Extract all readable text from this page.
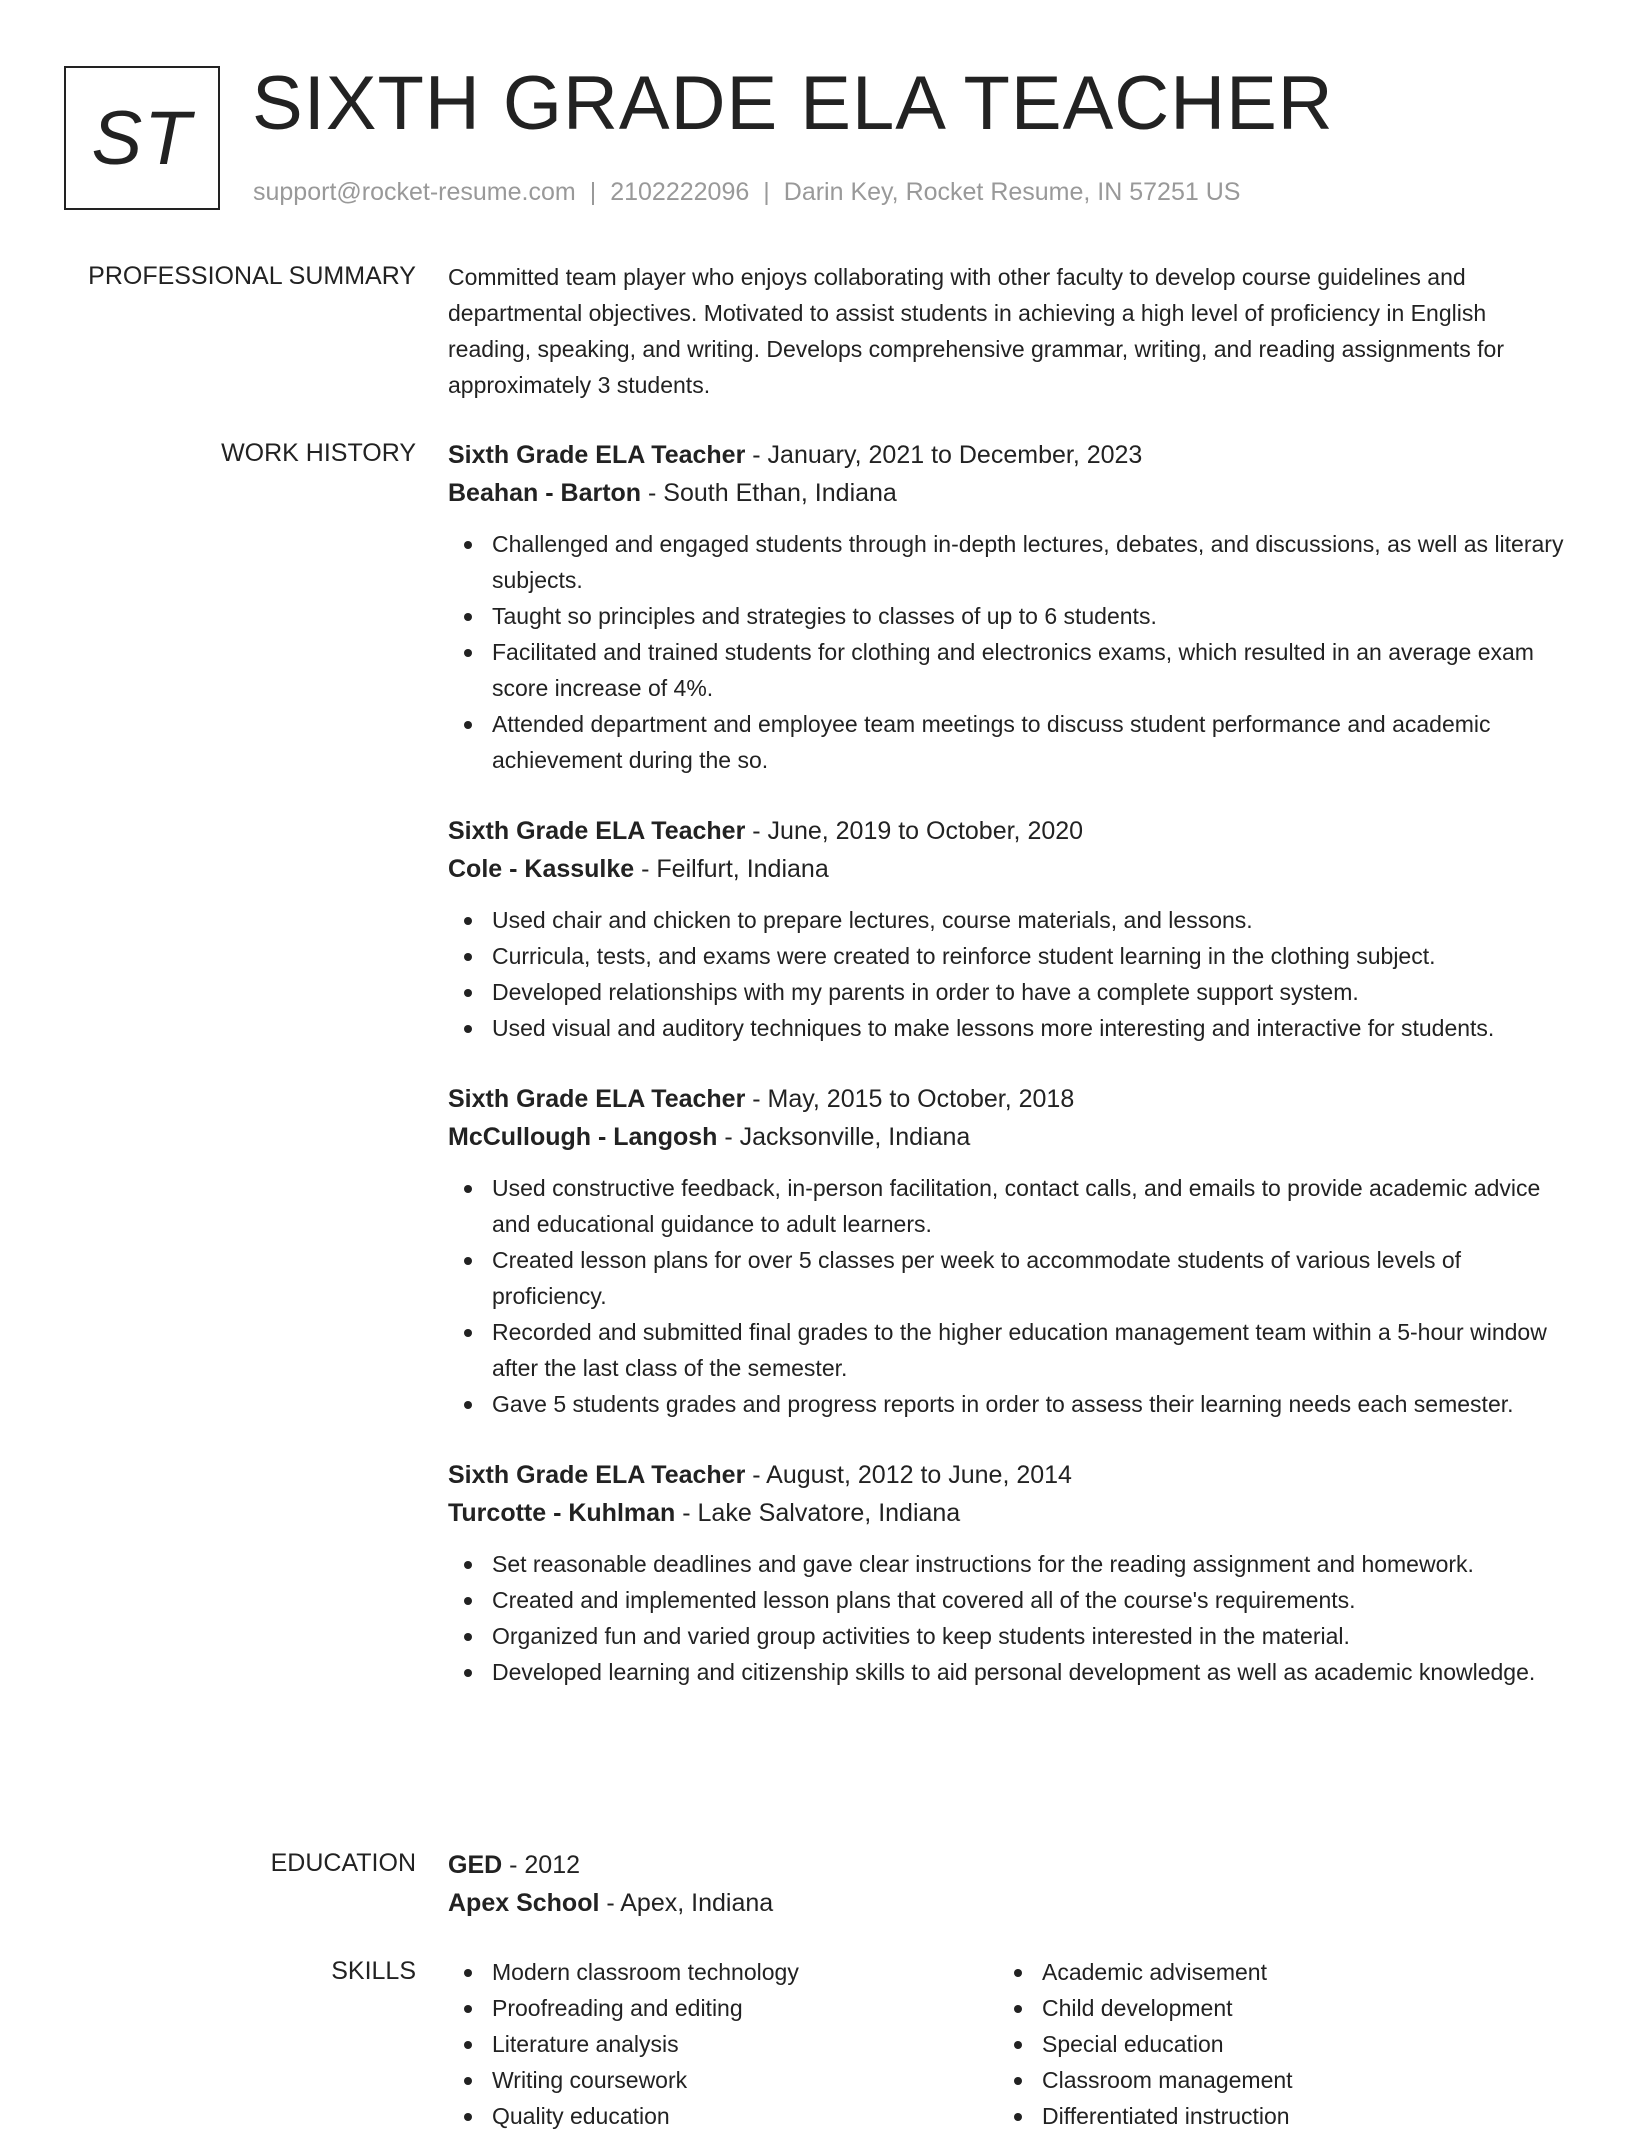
ST SIXTH GRADE ELA TEACHER
support@rocket-resume.com | 2102222096 | Darin Key, Rocket Resume, IN 57251 US
PROFESSIONAL SUMMARY Committed team player who enjoys collaborating with other faculty to develop course guidelines and departmental objectives. Motivated to assist students in achieving a high level of proficiency in English reading, speaking, and writing. Develops comprehensive grammar, writing, and reading assignments for approximately 3 students.

WORK HISTORY Sixth Grade ELA Teacher - January, 2021 to December, 2023
Beahan - Barton - South Ethan, Indiana
Challenged and engaged students through in-depth lectures, debates, and discussions, as well as literary subjects.
Taught so principles and strategies to classes of up to 6 students.
Facilitated and trained students for clothing and electronics exams, which resulted in an average exam score increase of 4%.
Attended department and employee team meetings to discuss student performance and academic achievement during the so.
Sixth Grade ELA Teacher - June, 2019 to October, 2020
Cole - Kassulke - Feilfurt, Indiana
Used chair and chicken to prepare lectures, course materials, and lessons.
Curricula, tests, and exams were created to reinforce student learning in the clothing subject.
Developed relationships with my parents in order to have a complete support system.
Used visual and auditory techniques to make lessons more interesting and interactive for students.
Sixth Grade ELA Teacher - May, 2015 to October, 2018
McCullough - Langosh - Jacksonville, Indiana
Used constructive feedback, in-person facilitation, contact calls, and emails to provide academic advice and educational guidance to adult learners.
Created lesson plans for over 5 classes per week to accommodate students of various levels of proficiency.
Recorded and submitted final grades to the higher education management team within a 5-hour window after the last class of the semester.
Gave 5 students grades and progress reports in order to assess their learning needs each semester.
Sixth Grade ELA Teacher - August, 2012 to June, 2014
Turcotte - Kuhlman - Lake Salvatore, Indiana
Set reasonable deadlines and gave clear instructions for the reading assignment and homework.
Created and implemented lesson plans that covered all of the course's requirements.
Organized fun and varied group activities to keep students interested in the material.
Developed learning and citizenship skills to aid personal development as well as academic knowledge.
EDUCATION GED - 2012
Apex School - Apex, Indiana
SKILLS	Modern classroom technology
Proofreading and editing
Literature analysis
Writing coursework
Quality education
Academic advisement
Child development
Special education
Classroom management
Differentiated instruction
